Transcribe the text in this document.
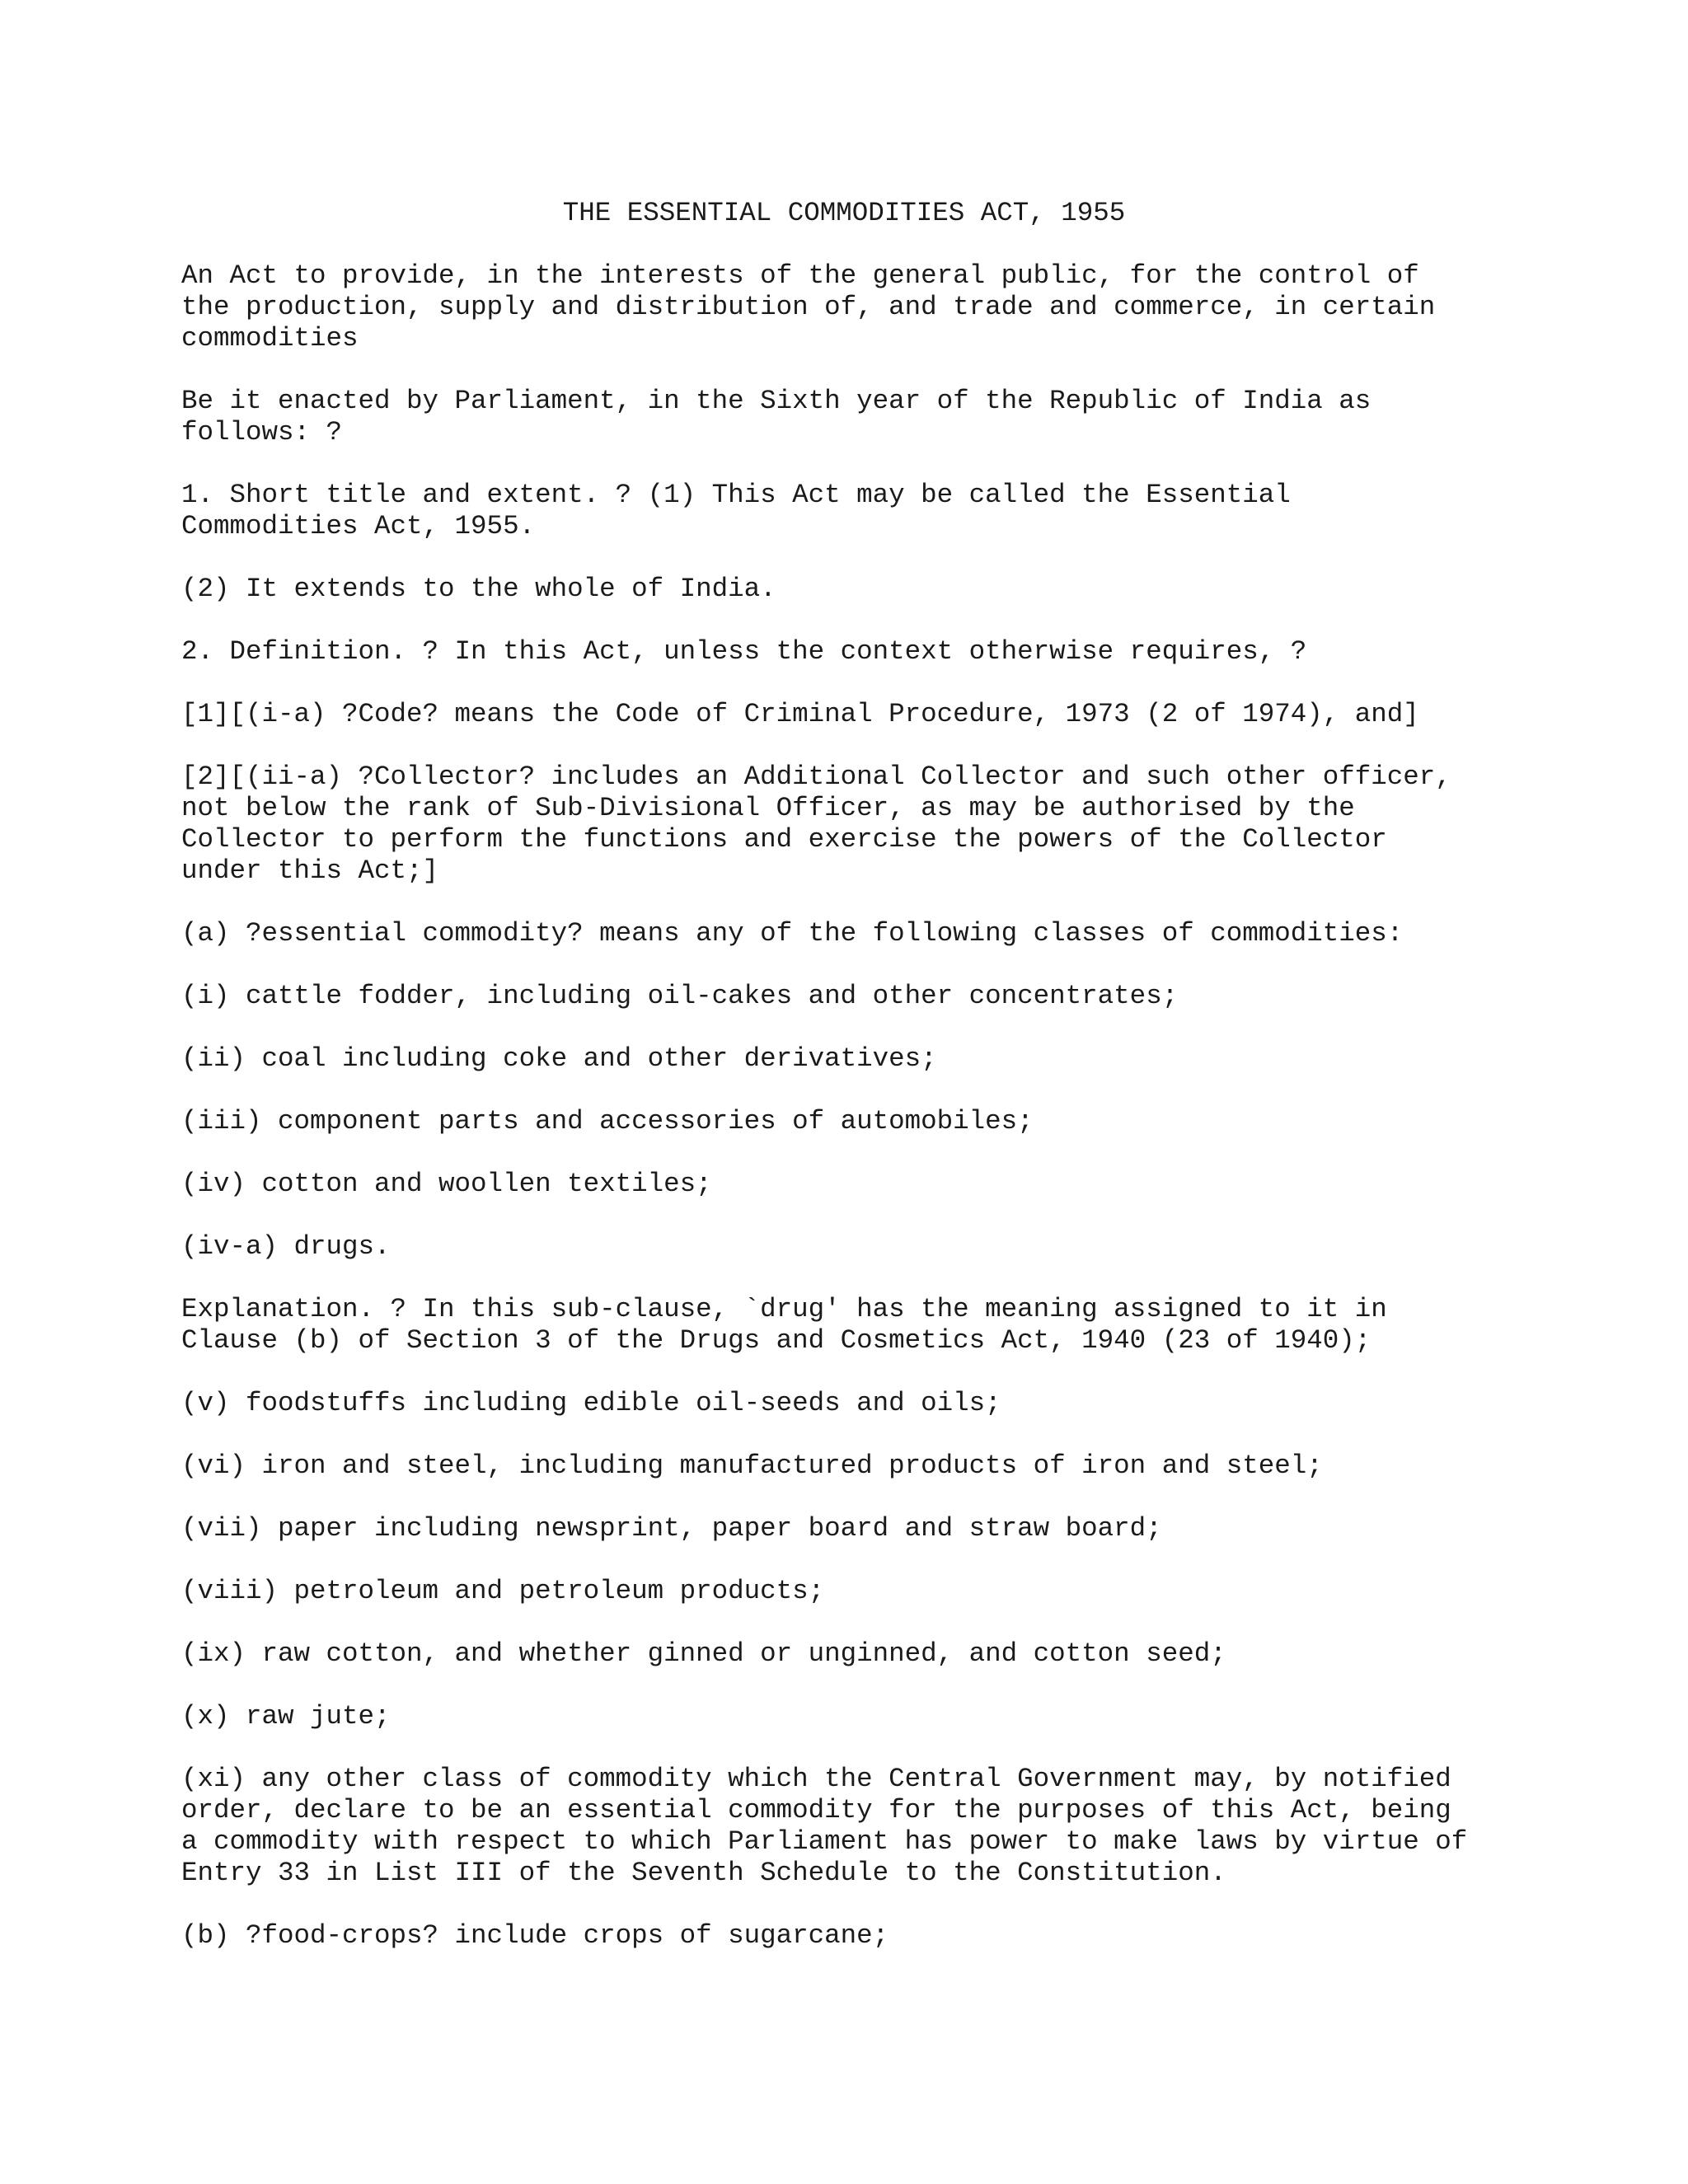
THE ESSENTIAL COMMODITIES ACT, 1955

An Act to provide, in the interests of the general public, for the control of
the production, supply and distribution of, and trade and commerce, in certain
commodities

Be it enacted by Parliament, in the Sixth year of the Republic of India as
follows: ?

1. Short title and extent. ? (1) This Act may be called the Essential
Commodities Act, 1955.

(2) It extends to the whole of India.

2. Definition. ? In this Act, unless the context otherwise requires, ?

[1][(i-a) ?Code? means the Code of Criminal Procedure, 1973 (2 of 1974), and]

[2][(ii-a) ?Collector? includes an Additional Collector and such other officer,
not below the rank of Sub-Divisional Officer, as may be authorised by the
Collector to perform the functions and exercise the powers of the Collector
under this Act;]

(a) ?essential commodity? means any of the following classes of commodities:

(i) cattle fodder, including oil-cakes and other concentrates;

(ii) coal including coke and other derivatives;

(iii) component parts and accessories of automobiles;

(iv) cotton and woollen textiles;

(iv-a) drugs.

Explanation. ? In this sub-clause, `drug' has the meaning assigned to it in
Clause (b) of Section 3 of the Drugs and Cosmetics Act, 1940 (23 of 1940);

(v) foodstuffs including edible oil-seeds and oils;

(vi) iron and steel, including manufactured products of iron and steel;

(vii) paper including newsprint, paper board and straw board;

(viii) petroleum and petroleum products;

(ix) raw cotton, and whether ginned or unginned, and cotton seed;

(x) raw jute;

(xi) any other class of commodity which the Central Government may, by notified
order, declare to be an essential commodity for the purposes of this Act, being
a commodity with respect to which Parliament has power to make laws by virtue of
Entry 33 in List III of the Seventh Schedule to the Constitution.

(b) ?food-crops? include crops of sugarcane;
